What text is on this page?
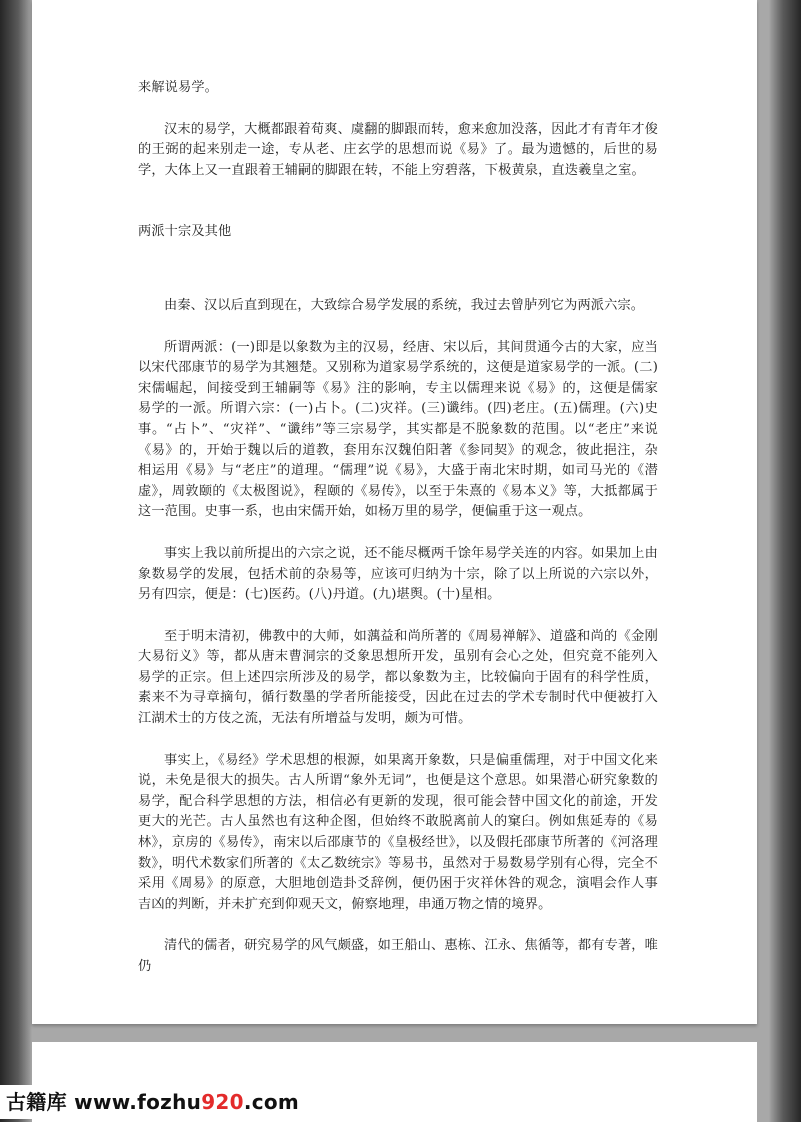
来解说易学。

汉末的易学，大概都跟着荀爽、虞翻的脚跟而转，愈来愈加没落，因此才有青年才俊的王弼的起来别走一途，专从老、庄玄学的思想而说《易》了。最为遗憾的，后世的易学，大体上又一直跟着王辅嗣的脚跟在转，不能上穷碧落，下极黄泉，直迭羲皇之室。

两派十宗及其他

由秦、汉以后直到现在，大致综合易学发展的系统，我过去曾胪列它为两派六宗。

所谓两派：(一)即是以象数为主的汉易，经唐、宋以后，其间贯通今古的大家，应当以宋代邵康节的易学为其翘楚。又别称为道家易学系统的，这便是道家易学的一派。(二)宋儒崛起，间接受到王辅嗣等《易》注的影响，专主以儒理来说《易》的，这便是儒家易学的一派。所谓六宗：(一)占卜。(二)灾祥。(三)谶纬。(四)老庄。(五)儒理。(六)史事。“占卜”、“灾祥”、“谶纬”等三宗易学，其实都是不脱象数的范围。以“老庄”来说《易》的，开始于魏以后的道教，套用东汉魏伯阳著《参同契》的观念，彼此挹注，杂相运用《易》与“老庄”的道理。“儒理”说《易》，大盛于南北宋时期，如司马光的《潜虚》，周敦颐的《太极图说》，程颐的《易传》，以至于朱熹的《易本义》等，大抵都属于这一范围。史事一系，也由宋儒开始，如杨万里的易学，便偏重于这一观点。

事实上我以前所提出的六宗之说，还不能尽概两千馀年易学关连的内容。如果加上由象数易学的发展，包括术前的杂易等，应该可归纳为十宗，除了以上所说的六宗以外，另有四宗，便是：(七)医药。(八)丹道。(九)堪舆。(十)星相。

至于明末清初，佛教中的大师，如蕅益和尚所著的《周易禅解》、道盛和尚的《金刚大易衍义》等，都从唐末曹洞宗的爻象思想所开发，虽别有会心之处，但究竟不能列入易学的正宗。但上述四宗所涉及的易学，都以象数为主，比较偏向于固有的科学性质，素来不为寻章摘句，循行数墨的学者所能接受，因此在过去的学术专制时代中便被打入江湖术士的方伎之流，无法有所增益与发明，颇为可惜。

事实上，《易经》学术思想的根源，如果离开象数，只是偏重儒理，对于中国文化来说，未免是很大的损失。古人所谓“象外无词”，也便是这个意思。如果潜心研究象数的易学，配合科学思想的方法，相信必有更新的发现，很可能会替中国文化的前途，开发更大的光芒。古人虽然也有这种企图，但始终不敢脱离前人的窠臼。例如焦延寿的《易林》，京房的《易传》，南宋以后邵康节的《皇极经世》，以及假托邵康节所著的《河洛理数》，明代术数家们所著的《太乙数统宗》等易书，虽然对于易数易学别有心得，完全不采用《周易》的原意，大胆地创造卦爻辞例，便仍困于灾祥休咎的观念，演唱会作人事吉凶的判断，并未扩充到仰观天文，俯察地理，串通万物之情的境界。

清代的儒者，研究易学的风气颇盛，如王船山、惠栋、江永、焦循等，都有专著，唯仍

古籍库 www.fozhu920.com
